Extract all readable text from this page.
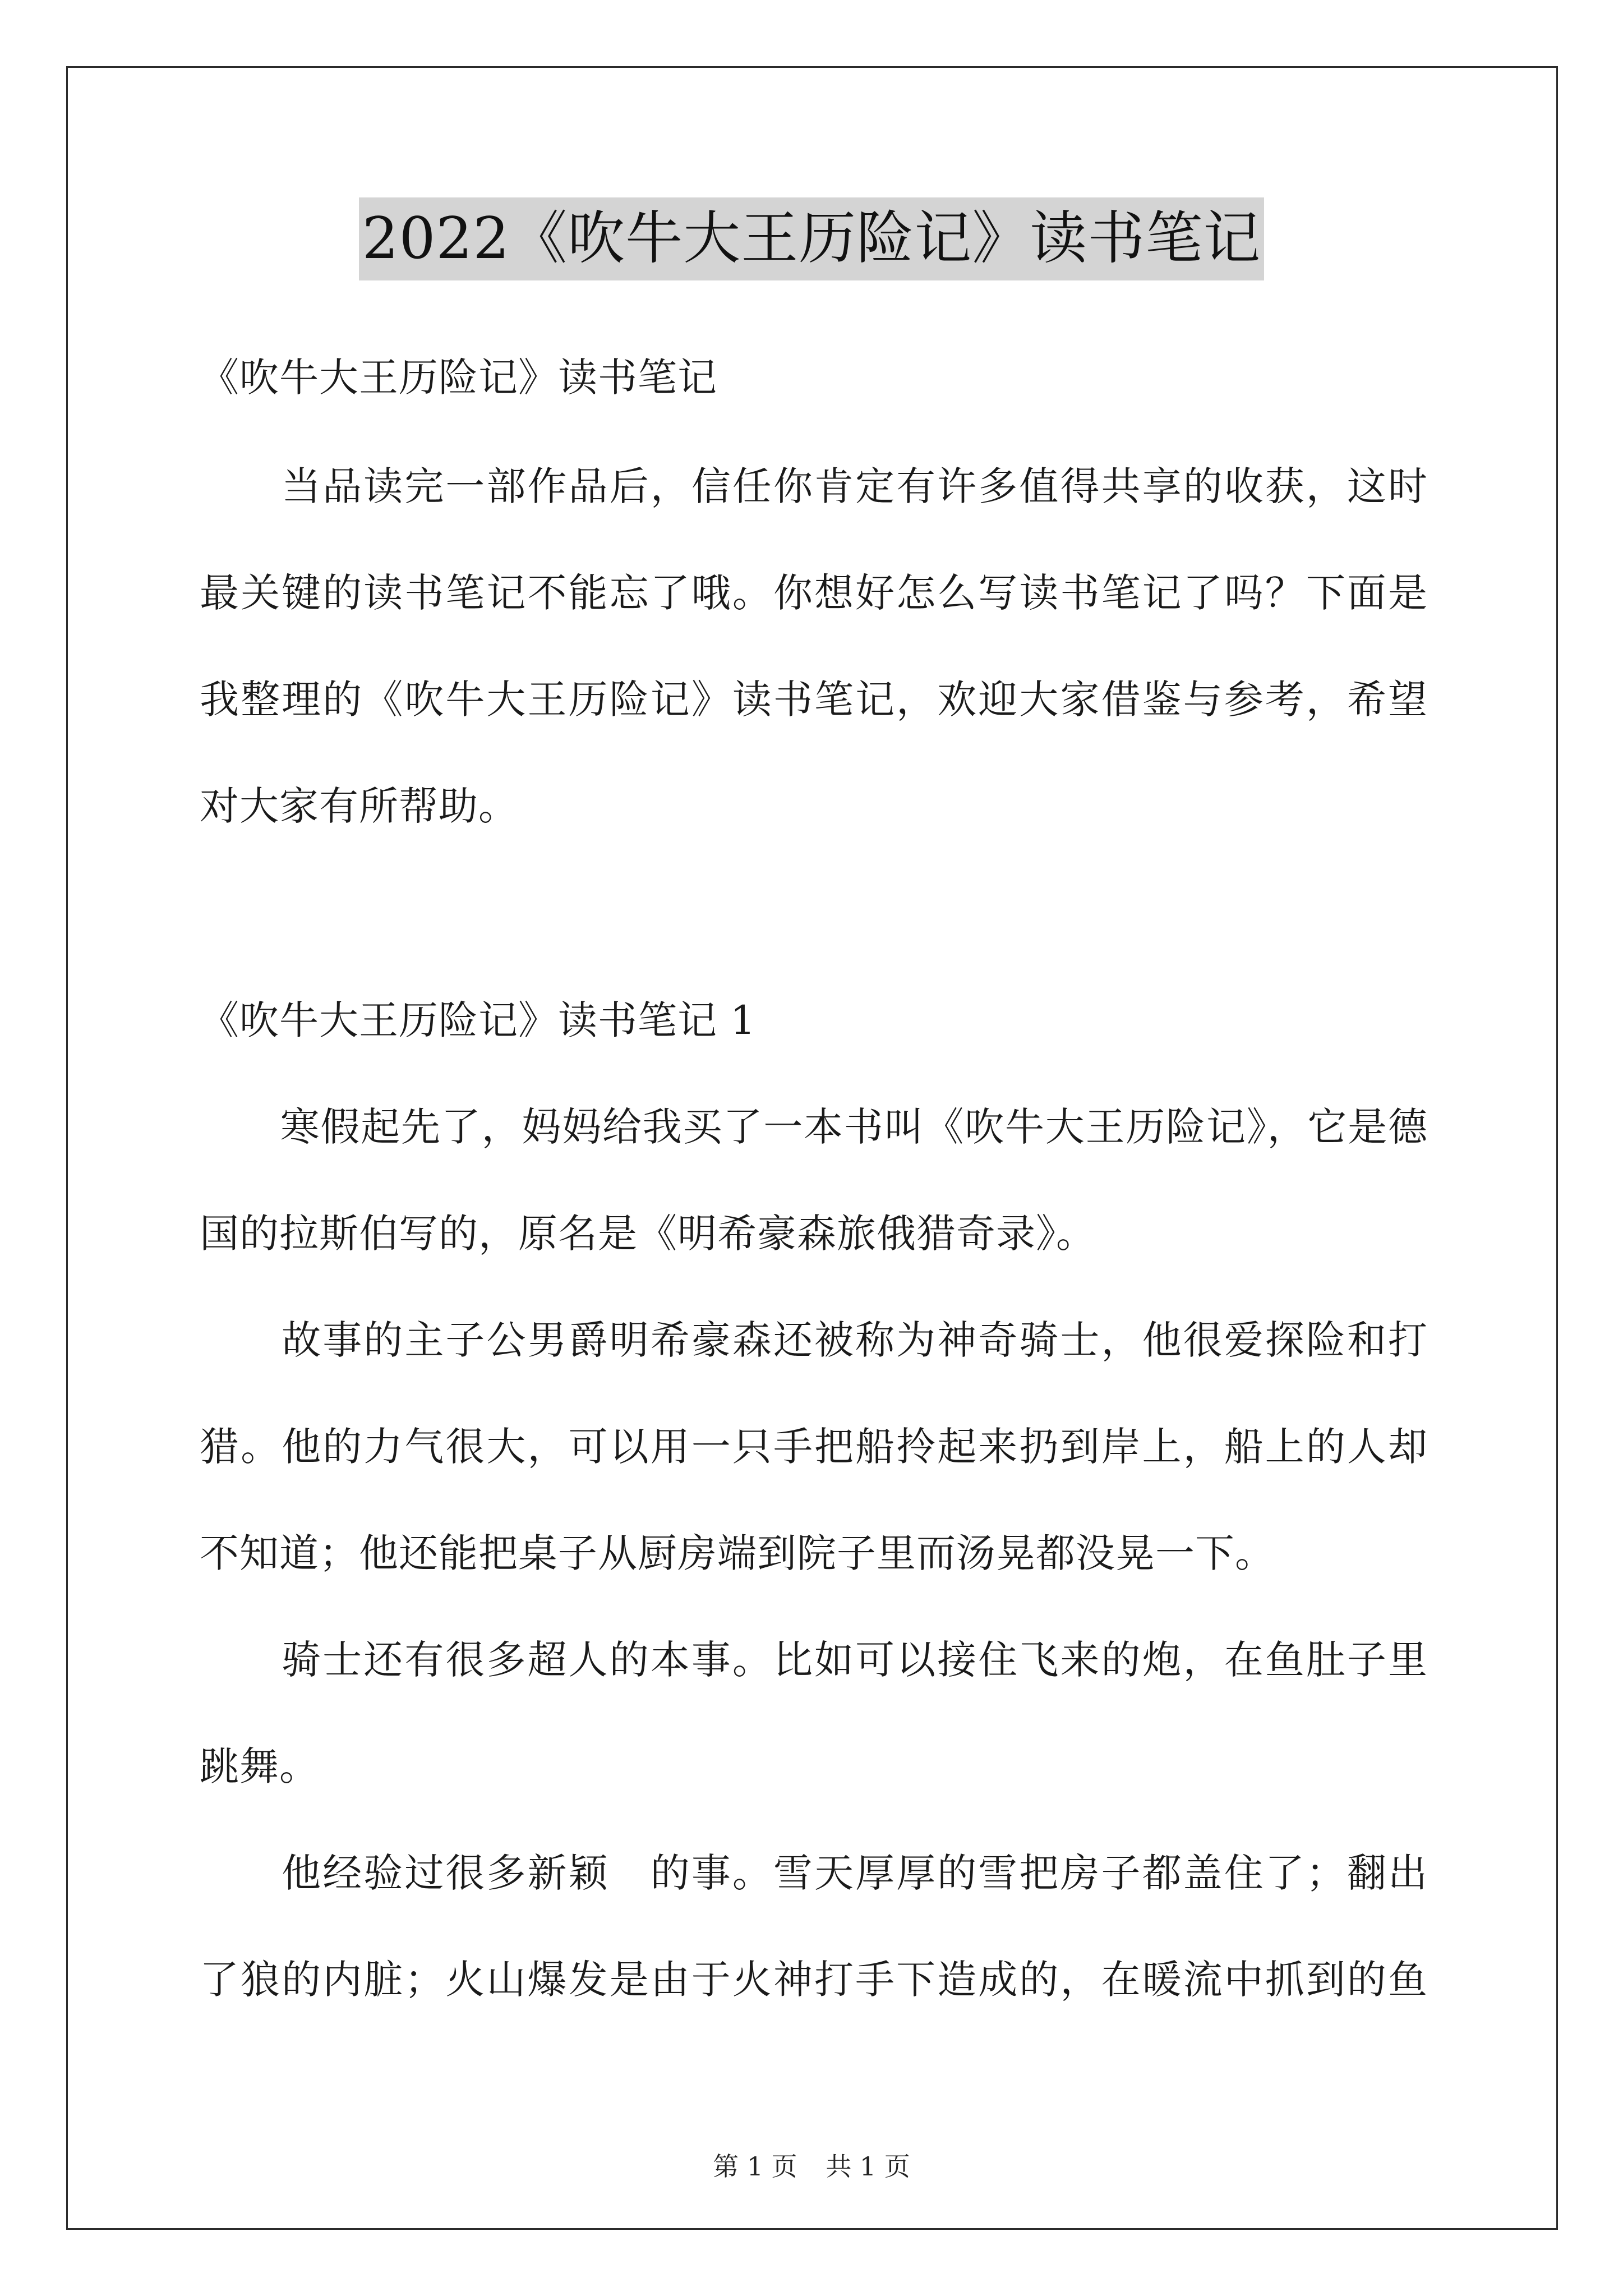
2022《吹牛大王历险记》读书笔记
《吹牛大王历险记》读书笔记
　　当品读完一部作品后，信任你肯定有许多值得共享的收获，这时
最关键的读书笔记不能忘了哦。你想好怎么写读书笔记了吗？下面是
我整理的《吹牛大王历险记》读书笔记，欢迎大家借鉴与参考，希望
对大家有所帮助。
《吹牛大王历险记》读书笔记 1
　　寒假起先了，妈妈给我买了一本书叫《吹牛大王历险记》，它是德
国的拉斯伯写的，原名是《明希豪森旅俄猎奇录》。
　　故事的主子公男爵明希豪森还被称为神奇骑士，他很爱探险和打
猎。他的力气很大，可以用一只手把船拎起来扔到岸上，船上的人却
不知道；他还能把桌子从厨房端到院子里而汤晃都没晃一下。
　　骑士还有很多超人的本事。比如可以接住飞来的炮，在鱼肚子里
跳舞。
　　他经验过很多新颖　的事。雪天厚厚的雪把房子都盖住了；翻出
了狼的内脏；火山爆发是由于火神打手下造成的，在暖流中抓到的鱼
第 1 页 共 1 页
